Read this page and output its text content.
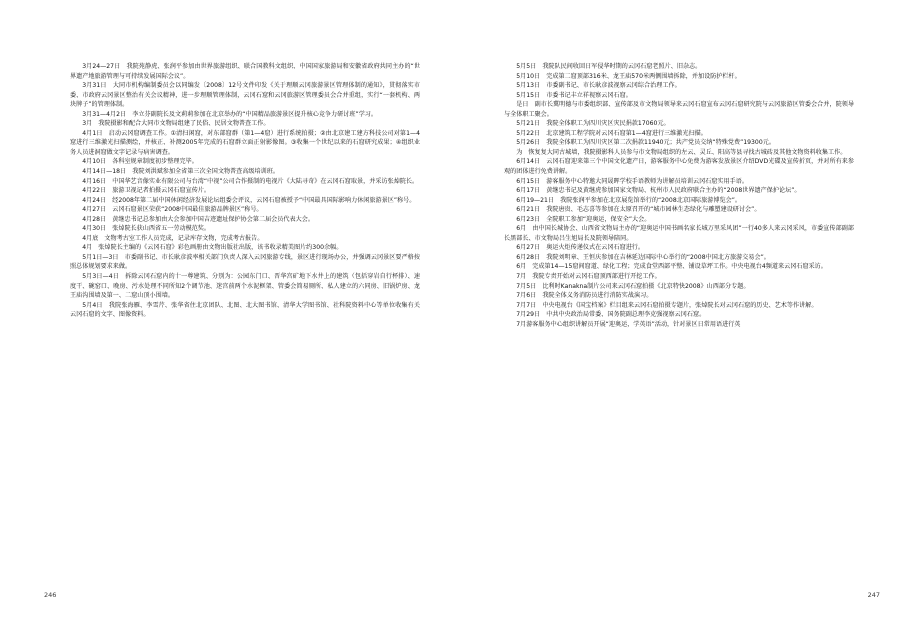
3月24—27日　我院苑静虎、张润平参加由世界旅游组织、联合国教科文组织、中国国家旅游局和安徽省政府共同主办的“世界遗产地旅游管理与可持续发展国际会议”。

3月31日　大同市机构编制委员会以同编发〔2008〕12号文件印发《关于理顺云冈旅游景区管理体制的通知》，贯彻落实市委、市政府云冈景区整治有关会议精神，进一步理顺管理体制，云冈石窟和云冈旅游区管理委员会合并重组，实行“一套机构、两块牌子”的管理体制。

3月31—4月2日　李立芬副院长及文莉莉参加在北京举办的“中国精品旅游景区提升核心竞争力研讨班”学习。

3月　我院摄影和配合大同市文物局组建了民俗、民居文物普查工作。

4月1日　启动云冈窟调查工作。①清扫闲窟，对东部窟群（第1—4窟）进行系统拍摄；②由北京建工建方科技公司对第1—4窟进行三维激光扫描测绘，并核正、补测2005年完成的石窟群立面正射影像图。③收集一个世纪以来的石窟研究成果；④组织业务人员进洞窟做文字记录与病害调查。

4月10日　各科室规章制度初步整理完毕。

4月14日—18日　我院刘洪斌参加全省第三次全国文物普查高级培训班。

4月16日　中国华艺音像实业有限公司与台湾“中视”公司合作摄制的电视片《大陆寻奇》在云冈石窟取景，并采访张焯院长。

4月22日　旅游卫视记者拍摄云冈石窟宣传片。

4月24日　经2008年第二届中国休闲经济发展论坛组委会评议，云冈石窟被授予“中国最具国际影响力休闲旅游景区”称号。

4月27日　云冈石窟景区荣获“2008中国最佳旅游品牌景区”称号。

4月28日　黄继忠书记总参加由大会参加中国吉迹遗址保护协会第二届会员代表大会。

4月30日　张焯院长获山西省五一劳动模范奖。

4月底　文物考古室工作人员完成，记录库存文物，完成考古报告。

4月　张焯院长主编的《云冈石窟》彩色画册由文物出版社出版，该书收录精美图片约300余幅。

5月1日—3日　市委副书记、市长耿彦波率相关部门负责人深入云冈旅游专线，景区进行现场办公，并强调云冈景区要严格按照总体规划要求来做。

5月3日—4日　拆除云冈石窟内的十一尊建筑、分别为：公园东门口、晋华宫矿地下水井上的建筑（包括穿岩自行杯排）、速度干、碗窑口、晚房、污水处理不同所知2个调节池、迷宫前两个水泥框架、管委会简易厕所、私人建立的六同房、旧锅炉房、龙王庙沟围墙及第一、二窟山顶小围墙。

5月4日　我院张海雁、李雪芹、张华省住北京团队、北图、北大图书馆、清华大学图书馆、社科院资料中心等单位收集有关云冈石窟的文字、图像资料。

5月5日　我院队民间收回日军侵华时期的云冈石窟老照片、旧杂志。

5月10日　完成第二窟顶部316米、龙王庙570米两侧围墙拆除，并加设防护栏杆。

5月13日　市委副书记、市长耿彦波视察云冈综合治理工作。

5月15日　市委书记丰立祥视察云冈石窟。

是日　副市长冀明德与市委组织部、宣传部及市文物局领导来云冈石窟宣布云冈石窟研究院与云冈旅游区管委会合并，院领导与全体职工聚会。

5月21日　我院全体职工为四川灾区灾民捐款17060元。

5月22日　北京建筑工程学院对云冈石窟第1—4窟进行三维激光扫描。

5月26日　我院全体职工为四川灾区第二次捐款11940元；共产党员交纳“特殊党费”19300元。

为　恢复复大同古城墙，我院摄影科人员参与市文物局组织的左云、灵丘、阳高等县寻找古城砖及其他文物资料收集工作。

6月14日　云冈石窟迎来第三个中国文化遗产日，游客服务中心免费为游客发放景区介绍DVD光碟及宣传折页，并对所有来参观的团体进行免费讲解。

6月15日　游客服务中心特邀大同晟晖学校手语教师为讲解员培训云冈石窟实用手语。

6月17日　黄继忠书记及黄继虎参加国家文物局、杭州市人民政府联合主办的“2008世界遗产保护论坛”。

6月19—21日　我院张润平参加在北京展览馆举行的“2008北京国际旅游博览会”。

6月21日　我院唐贵、毛志喜等参加在太原召开的“城市园林生态绿化与雕塑建设研讨会”。

6月23日　全院职工参加“迎奥运，保安全”大会。

6月　由中国长城协会、山西省文物局主办的“迎奥运中国书画名家长城万里采风团”一行40多人来云冈采风，市委宣传部副部长黑部长、市文物局吕生旭局长及院领导陪同。

6月27日　奥运火炬传递仪式在云冈石窟进行。

6月28日　我院刘明章、王恒庆参加在吉林延边国际中心举行的“2008中国北方旅游交易会”。

6月　完成第14—15窟间窟道、绿化工程；完成食堂西部平整、铺设草坪工作。中央电视台4频道来云冈石窟采访。

7月　我院专责开始对云冈石窟顶西部进行开挖工作。

7月5日　比利时Kanakna制片公司来云冈石窟拍摄《北京特快2008》山西部分专题。

7月6日　我院全体义务消防员进行消防实战演习。

7月7日　中央电视台《国宝档案》栏目组来云冈石窟拍摄专题片，张焯院长对云冈石窟的历史、艺术等作讲解。

7月29日　中共中央政治局常委、国务院副总理李克强视察云冈石窟。

7月游客服务中心组织讲解员开展“迎奥运，学英语”活动，针对景区日常用语进行英

246	247
